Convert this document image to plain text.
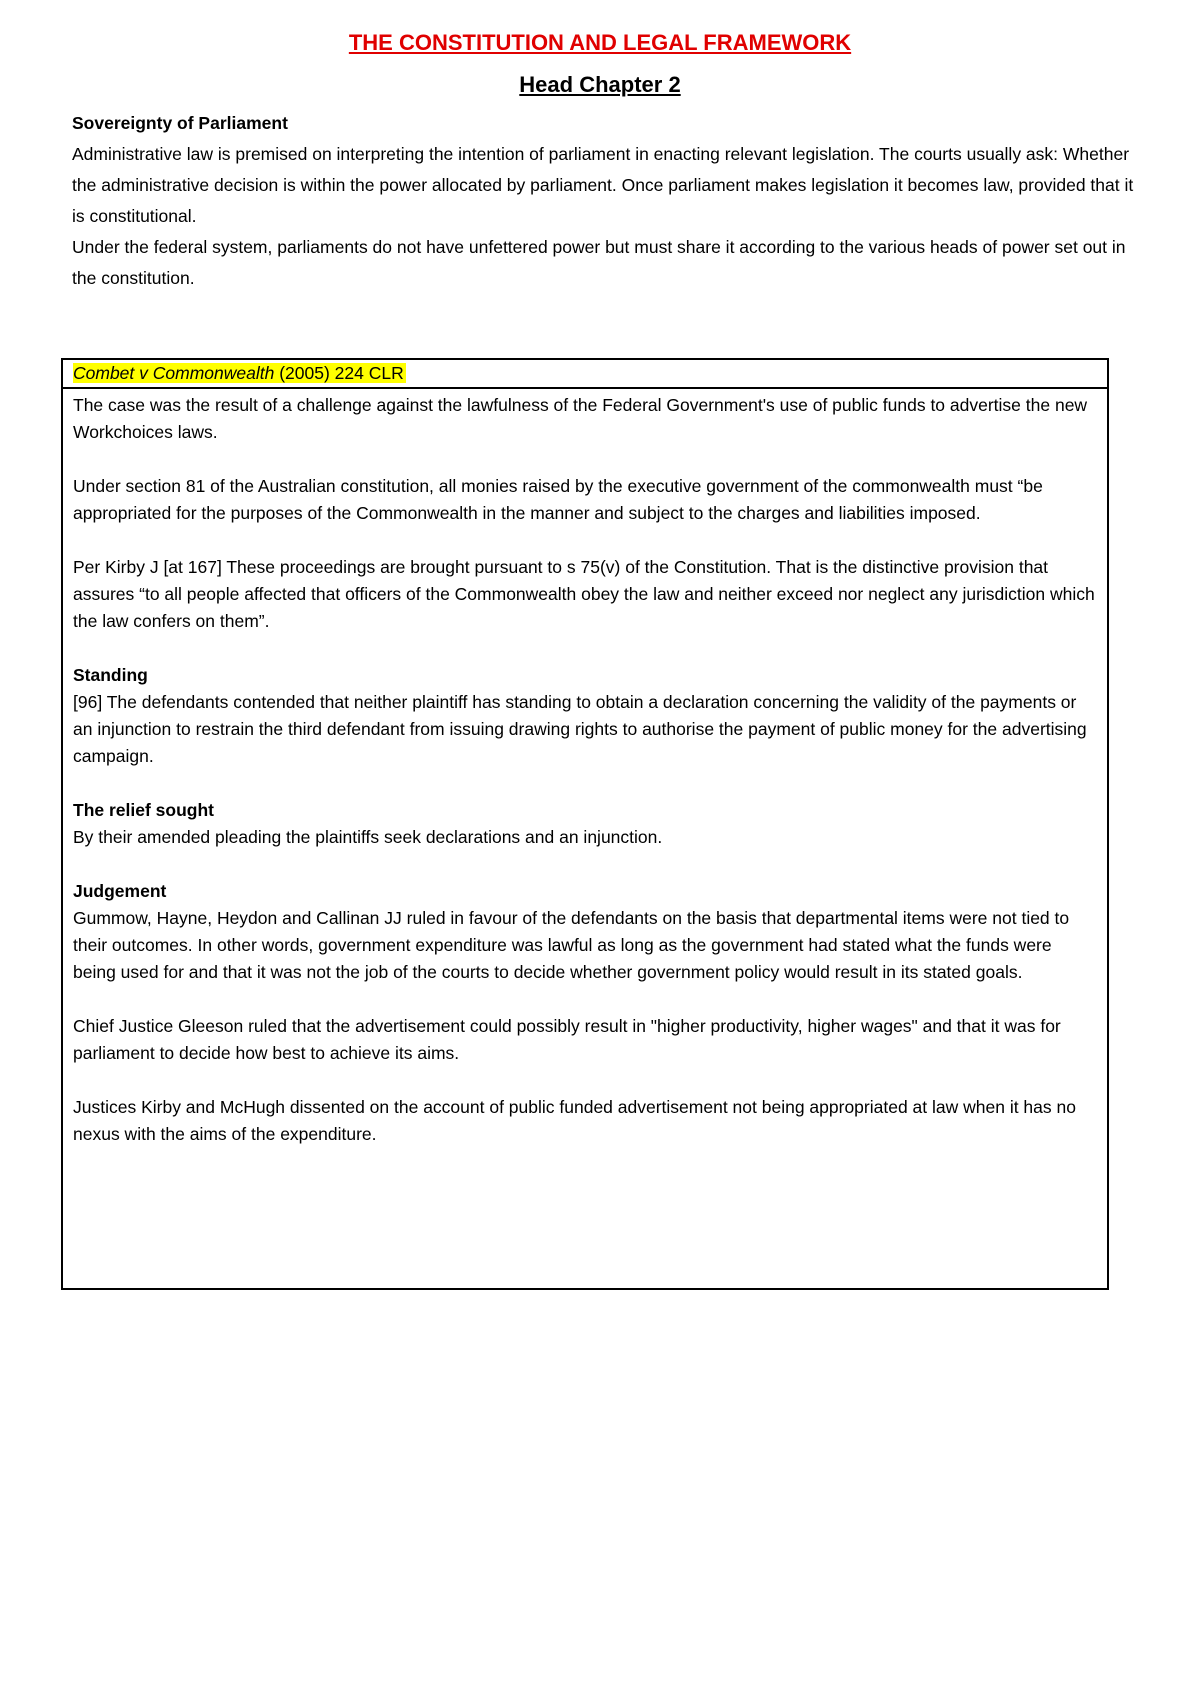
THE CONSTITUTION AND LEGAL FRAMEWORK
Head Chapter 2

Sovereignty of Parliament

Administrative law is premised on interpreting the intention of parliament in enacting relevant legislation. The courts usually ask: Whether the administrative decision is within the power allocated by parliament. Once parliament makes legislation it becomes law, provided that it is constitutional.

Under the federal system, parliaments do not have unfettered power but must share it according to the various heads of power set out in the constitution.

Combet v Commonwealth (2005) 224 CLR

The case was the result of a challenge against the lawfulness of the Federal Government's use of public funds to advertise the new Workchoices laws.

Under section 81 of the Australian constitution, all monies raised by the executive government of the commonwealth must “be appropriated for the purposes of the Commonwealth in the manner and subject to the charges and liabilities imposed.

Per Kirby J [at 167] These proceedings are brought pursuant to s 75(v) of the Constitution. That is the distinctive provision that assures “to all people affected that officers of the Commonwealth obey the law and neither exceed nor neglect any jurisdiction which the law confers on them”.

Standing

[96] The defendants contended that neither plaintiff has standing to obtain a declaration concerning the validity of the payments or an injunction to restrain the third defendant from issuing drawing rights to authorise the payment of public money for the advertising campaign.

The relief sought

By their amended pleading the plaintiffs seek declarations and an injunction.

Judgement

Gummow, Hayne, Heydon and Callinan JJ ruled in favour of the defendants on the basis that departmental items were not tied to their outcomes. In other words, government expenditure was lawful as long as the government had stated what the funds were being used for and that it was not the job of the courts to decide whether government policy would result in its stated goals.

Chief Justice Gleeson ruled that the advertisement could possibly result in "higher productivity, higher wages" and that it was for parliament to decide how best to achieve its aims.

Justices Kirby and McHugh dissented on the account of public funded advertisement not being appropriated at law when it has no nexus with the aims of the expenditure.
